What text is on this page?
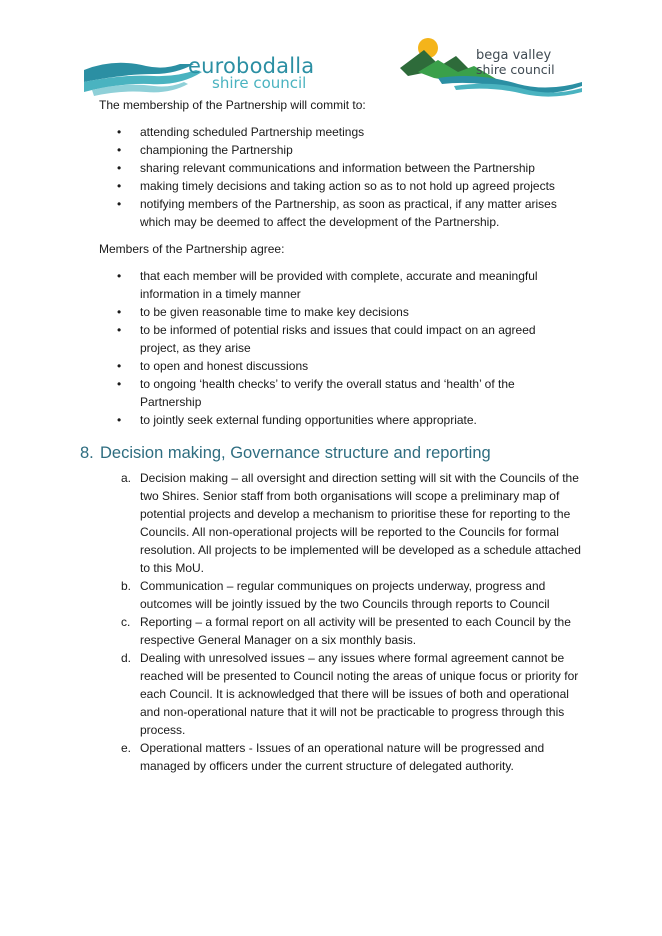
eurobodalla
shire council
bega valley
shire council
The membership of the Partnership will commit to:
• attending scheduled Partnership meetings
• championing the Partnership
• sharing relevant communications and information between the Partnership
• making timely decisions and taking action so as to not hold up agreed projects
• notifying members of the Partnership, as soon as practical, if any matter arises which may be deemed to affect the development of the Partnership.
Members of the Partnership agree:
• that each member will be provided with complete, accurate and meaningful information in a timely manner
• to be given reasonable time to make key decisions
• to be informed of potential risks and issues that could impact on an agreed project, as they arise
• to open and honest discussions
• to ongoing ‘health checks’ to verify the overall status and ‘health’ of the Partnership
• to jointly seek external funding opportunities where appropriate.
8. Decision making, Governance structure and reporting
a. Decision making – all oversight and direction setting will sit with the Councils of the two Shires. Senior staff from both organisations will scope a preliminary map of potential projects and develop a mechanism to prioritise these for reporting to the Councils. All non-operational projects will be reported to the Councils for formal resolution. All projects to be implemented will be developed as a schedule attached to this MoU.
b. Communication – regular communiques on projects underway, progress and outcomes will be jointly issued by the two Councils through reports to Council
c. Reporting – a formal report on all activity will be presented to each Council by the respective General Manager on a six monthly basis.
d. Dealing with unresolved issues – any issues where formal agreement cannot be reached will be presented to Council noting the areas of unique focus or priority for each Council. It is acknowledged that there will be issues of both and operational and non-operational nature that it will not be practicable to progress through this process.
e. Operational matters - Issues of an operational nature will be progressed and managed by officers under the current structure of delegated authority.
